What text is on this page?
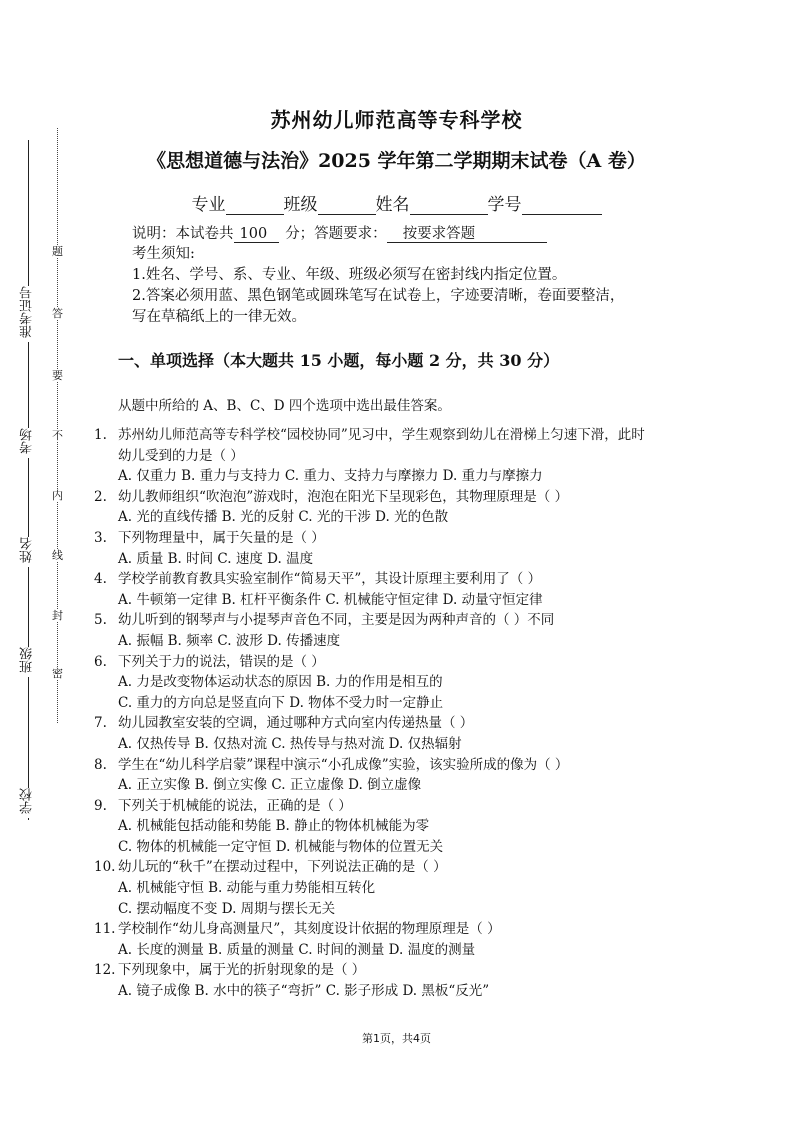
准考证号
考场
姓名
班级
学校
题
答
要
不
内
线
封
密
苏州幼儿师范高等专科学校
《思想道德与法治》2025 学年第二学期期末试卷（A 卷）
专业	班级	姓名	学号
说明：本试卷共 100 分；答题要求： 按要求答题

考生须知:

1.姓名、学号、系、专业、年级、班级必须写在密封线内指定位置。

2.答案必须用蓝、黑色钢笔或圆珠笔写在试卷上，字迹要清晰，卷面要整洁，

写在草稿纸上的一律无效。

一、单项选择（本大题共 15 小题，每小题 2 分，共 30 分）
从题中所给的 A、B、C、D 四个选项中选出最佳答案。
1. 苏州幼儿师范高等专科学校“园校协同”见习中，学生观察到幼儿在滑梯上匀速下滑，此时
幼儿受到的力是（ ）
A. 仅重力 B. 重力与支持力 C. 重力、支持力与摩擦力 D. 重力与摩擦力
2. 幼儿教师组织“吹泡泡”游戏时，泡泡在阳光下呈现彩色，其物理原理是（ ）
A. 光的直线传播 B. 光的反射 C. 光的干涉 D. 光的色散
3. 下列物理量中，属于矢量的是（ ）
A. 质量 B. 时间 C. 速度 D. 温度
4. 学校学前教育教具实验室制作“简易天平”，其设计原理主要利用了（ ）
A. 牛顿第一定律 B. 杠杆平衡条件 C. 机械能守恒定律 D. 动量守恒定律
5. 幼儿听到的钢琴声与小提琴声音色不同，主要是因为两种声音的（ ）不同
A. 振幅 B. 频率 C. 波形 D. 传播速度
6. 下列关于力的说法，错误的是（ ）
A. 力是改变物体运动状态的原因 B. 力的作用是相互的
C. 重力的方向总是竖直向下 D. 物体不受力时一定静止
7. 幼儿园教室安装的空调，通过哪种方式向室内传递热量（ ）
A. 仅热传导 B. 仅热对流 C. 热传导与热对流 D. 仅热辐射
8. 学生在“幼儿科学启蒙”课程中演示“小孔成像”实验，该实验所成的像为（ ）
A. 正立实像 B. 倒立实像 C. 正立虚像 D. 倒立虚像
9. 下列关于机械能的说法，正确的是（ ）
A. 机械能包括动能和势能 B. 静止的物体机械能为零
C. 物体的机械能一定守恒 D. 机械能与物体的位置无关
10. 幼儿玩的“秋千”在摆动过程中，下列说法正确的是（ ）
A. 机械能守恒 B. 动能与重力势能相互转化
C. 摆动幅度不变 D. 周期与摆长无关
11. 学校制作“幼儿身高测量尺”，其刻度设计依据的物理原理是（ ）
A. 长度的测量 B. 质量的测量 C. 时间的测量 D. 温度的测量
12. 下列现象中，属于光的折射现象的是（ ）
A. 镜子成像 B. 水中的筷子“弯折” C. 影子形成 D. 黑板“反光”
第1页，共4页
